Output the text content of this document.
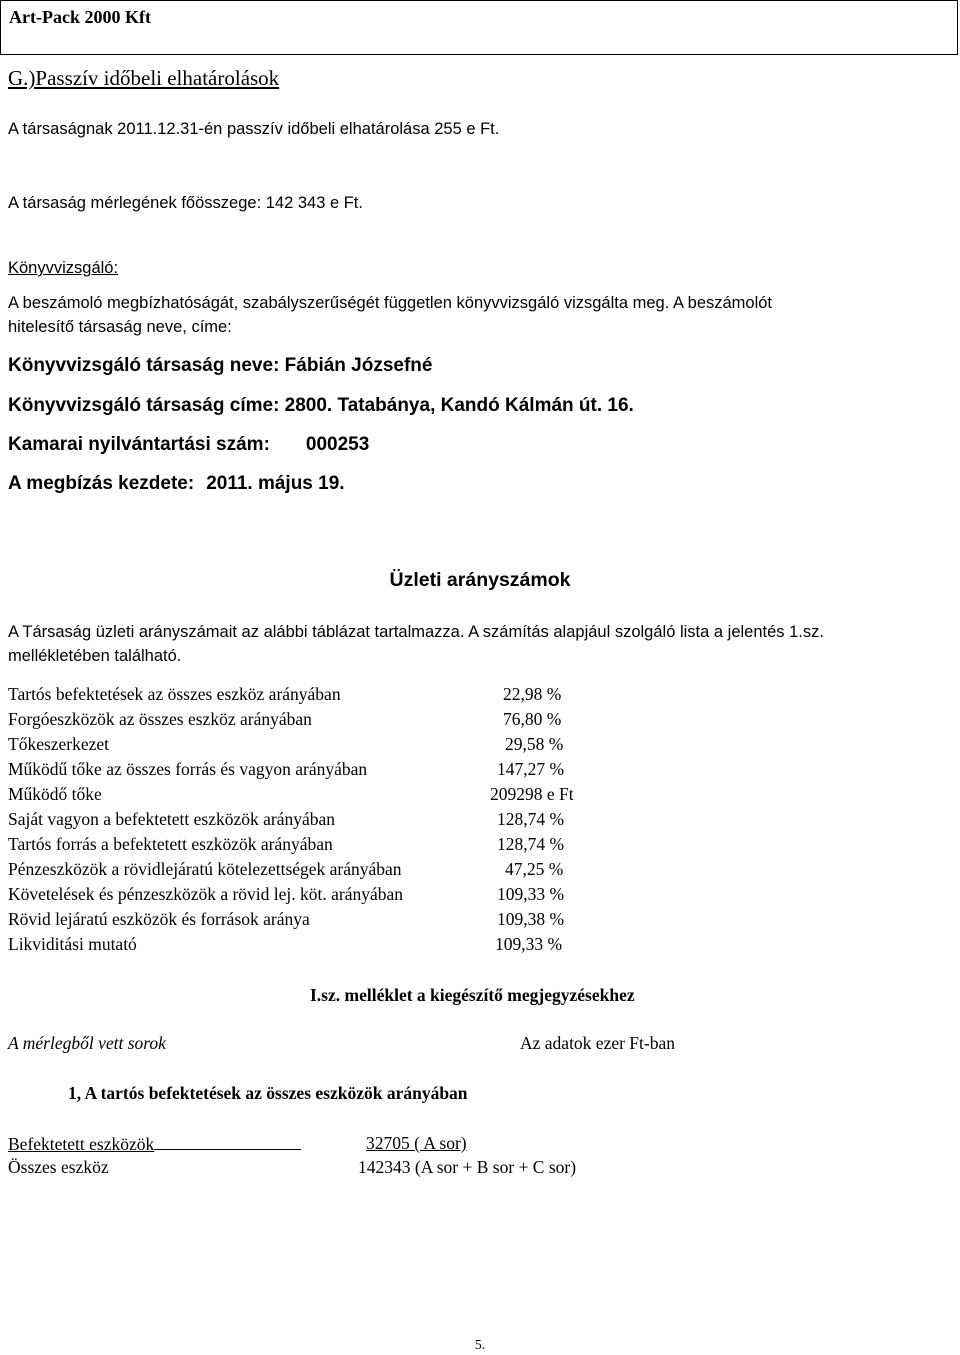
Art-Pack 2000 Kft
G.)Passzív időbeli elhatárolások
A társaságnak 2011.12.31-én passzív időbeli elhatárolása 255 e Ft.
A társaság mérlegének főösszege: 142 343 e Ft.
Könyvvizsgáló:
A beszámoló megbízhatóságát, szabályszerűségét független könyvvizsgáló vizsgálta meg. A beszámolót
hitelesítő társaság neve, címe:
Könyvvizsgáló társaság neve: Fábián Józsefné
Könyvvizsgáló társaság címe: 2800. Tatabánya, Kandó Kálmán út. 16.
Kamarai nyilvántartási szám: 000253
A megbízás kezdete: 2011. május 19.
Üzleti arányszámok
A Társaság üzleti arányszámait az alábbi táblázat tartalmazza. A számítás alapjául szolgáló lista a jelentés 1.sz.
mellékletében található.
Tartós befektetések az összes eszköz arányában	22,98 %
Forgóeszközök az összes eszköz arányában	76,80 %
Tőkeszerkezet	29,58 %
Működű tőke az összes forrás és vagyon arányában	147,27 %
Működő tőke	209298 e Ft
Saját vagyon a befektetett eszközök arányában	128,74 %
Tartós forrás a befektetett eszközök arányában	128,74 %
Pénzeszközök a rövidlejáratú kötelezettségek arányában	47,25 %
Követelések és pénzeszközök a rövid lej. köt. arányában	109,33 %
Rövid lejáratú eszközök és források aránya	109,38 %
Likviditási mutató	109,33 %
I.sz. melléklet a kiegészítő megjegyzésekhez
A mérlegből vett sorok	Az adatok ezer Ft-ban
1, A tartós befektetések az összes eszközök arányában
Befektetett eszközök	32705 ( A sor)
Összes eszköz	142343 (A sor + B sor + C sor)
5.
